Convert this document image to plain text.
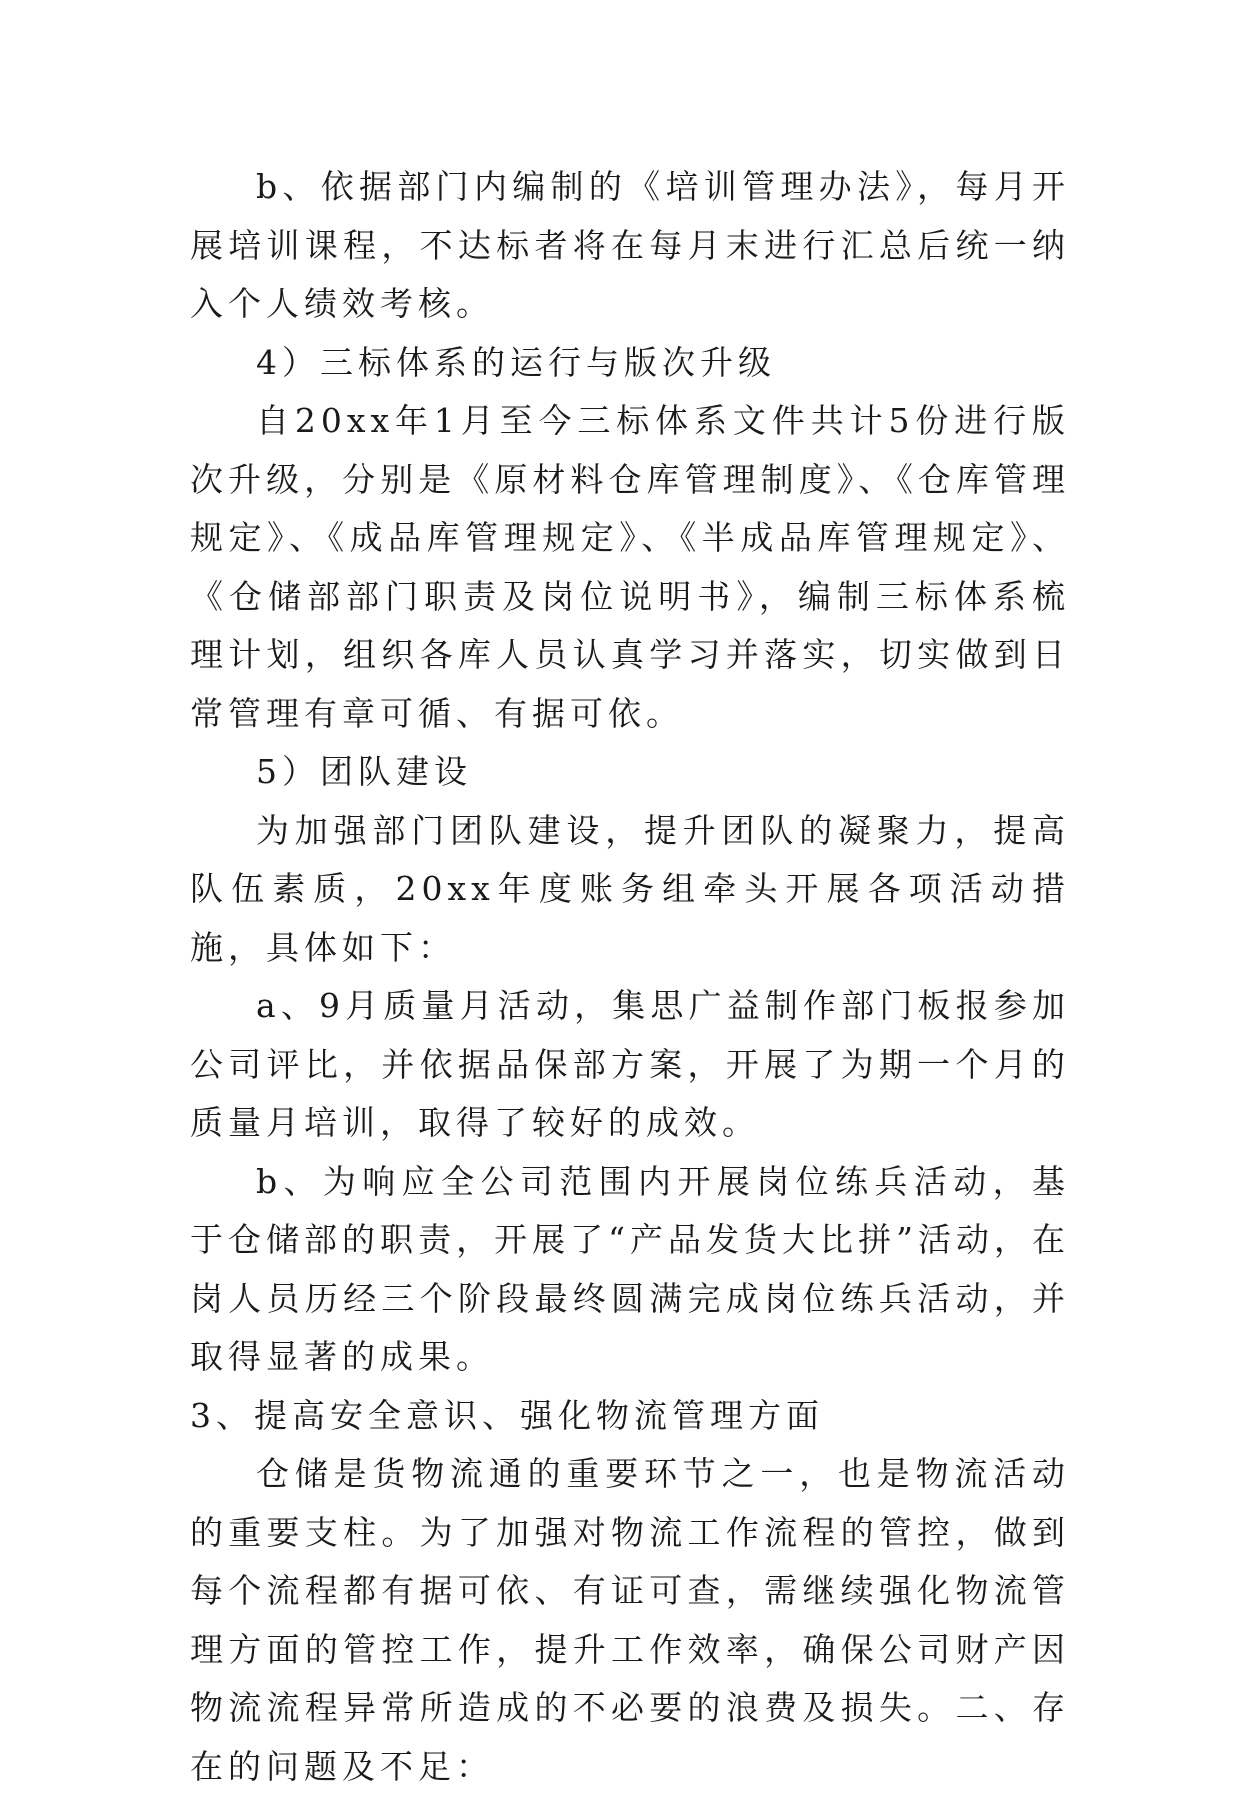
b、依据部门内编制的《培训管理办法》，每月开展培训课程，不达标者将在每月末进行汇总后统一纳入个人绩效考核。

4）三标体系的运行与版次升级

自20xx年1月至今三标体系文件共计5份进行版次升级，分别是《原材料仓库管理制度》、《仓库管理规定》、《成品库管理规定》、《半成品库管理规定》、《仓储部部门职责及岗位说明书》，编制三标体系梳理计划，组织各库人员认真学习并落实，切实做到日常管理有章可循、有据可依。

5）团队建设

为加强部门团队建设，提升团队的凝聚力，提高队伍素质，20xx年度账务组牵头开展各项活动措施，具体如下：

a、9月质量月活动，集思广益制作部门板报参加公司评比，并依据品保部方案，开展了为期一个月的质量月培训，取得了较好的成效。

b、为响应全公司范围内开展岗位练兵活动，基于仓储部的职责，开展了“产品发货大比拼”活动，在岗人员历经三个阶段最终圆满完成岗位练兵活动，并取得显著的成果。

3、提高安全意识、强化物流管理方面

仓储是货物流通的重要环节之一，也是物流活动的重要支柱。为了加强对物流工作流程的管控，做到每个流程都有据可依、有证可查，需继续强化物流管理方面的管控工作，提升工作效率，确保公司财产因物流流程异常所造成的不必要的浪费及损失。二、存在的问题及不足：
